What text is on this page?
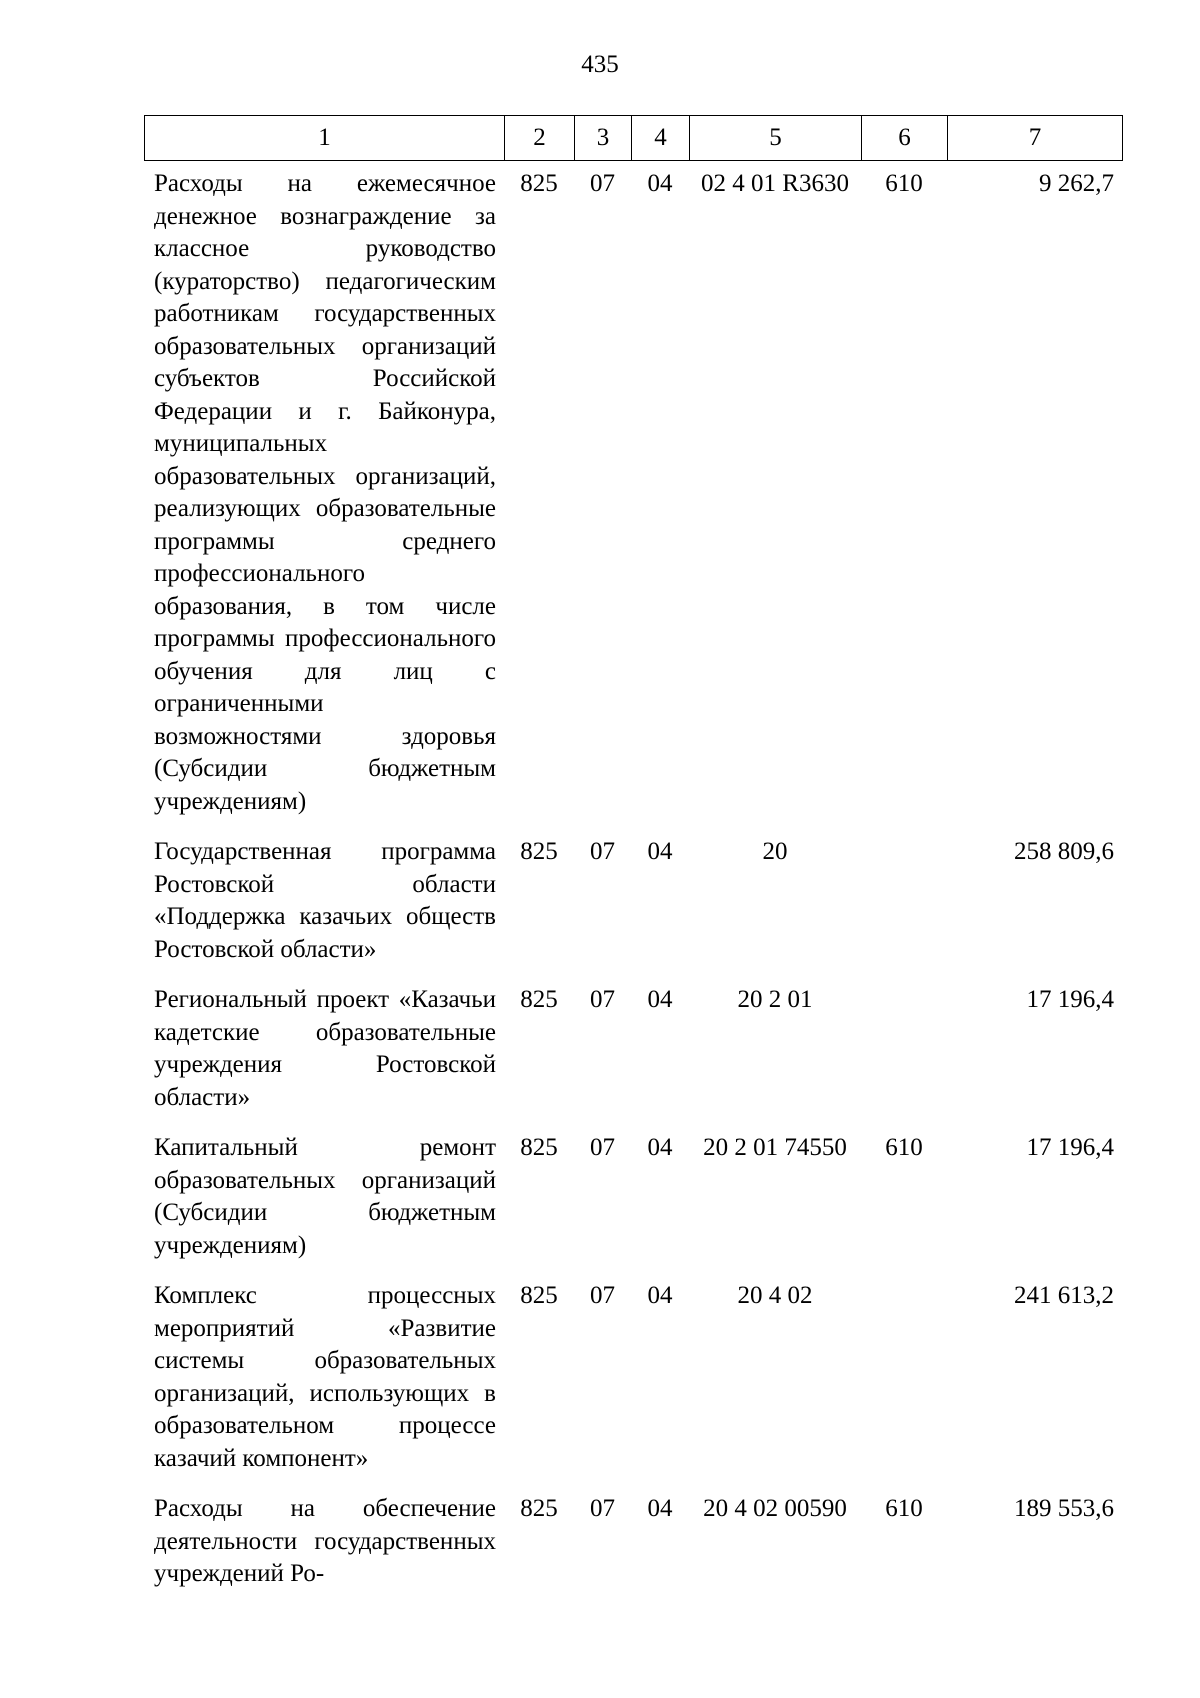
435
1	2	3	4	5	6	7
Расходы на ежемесячное денежное вознаграждение за классное руководство (кураторство) педагогическим работникам государственных образовательных организаций субъектов Российской Федерации и г. Байконура, муниципальных образовательных организаций, реализующих образовательные программы среднего профессионального образования, в том числе программы профессионального обучения для лиц с ограниченными возможностями здоровья (Субсидии бюджетным учреждениям)	825	07	04	02 4 01 R3630	610	9 262,7
Государственная программа Ростовской области «Поддержка казачьих обществ Ростовской области»	825	07	04	20		258 809,6
Региональный проект «Казачьи кадетские образовательные учреждения Ростовской области»	825	07	04	20 2 01		17 196,4
Капитальный ремонт образовательных организаций (Субсидии бюджетным учреждениям)	825	07	04	20 2 01 74550	610	17 196,4
Комплекс процессных мероприятий «Развитие системы образовательных организаций, использующих в образовательном процессе казачий компонент»	825	07	04	20 4 02		241 613,2
Расходы на обеспечение деятельности государственных учреждений Ро-	825	07	04	20 4 02 00590	610	189 553,6
